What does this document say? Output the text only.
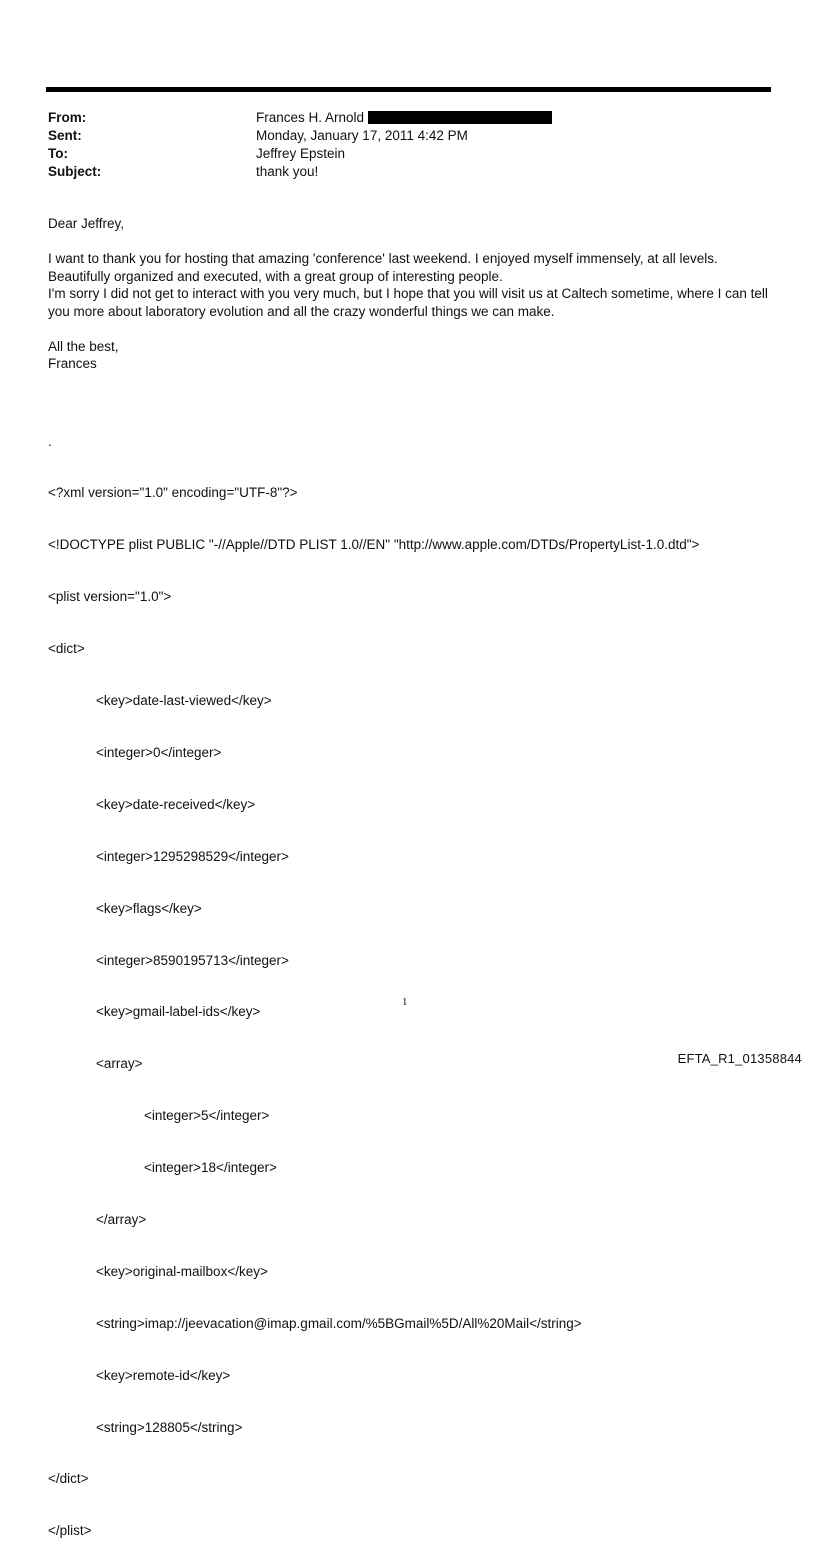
From:	Frances H. Arnold
Sent:	Monday, January 17, 2011 4:42 PM
To:	Jeffrey Epstein
Subject:	thank you!

Dear Jeffrey,

I want to thank you for hosting that amazing 'conference' last weekend. I enjoyed myself immensely, at all levels. Beautifully organized and executed, with a great group of interesting people.

I'm sorry I did not get to interact with you very much, but I hope that you will visit us at Caltech sometime, where I can tell you more about laboratory evolution and all the crazy wonderful things we can make.

All the best,

Frances

.

<?xml version="1.0" encoding="UTF-8"?>

<!DOCTYPE plist PUBLIC "-//Apple//DTD PLIST 1.0//EN" "http://www.apple.com/DTDs/PropertyList-1.0.dtd">

<plist version="1.0">

<dict>

<key>date-last-viewed</key>

<integer>0</integer>

<key>date-received</key>

<integer>1295298529</integer>

<key>flags</key>

<integer>8590195713</integer>

<key>gmail-label-ids</key>

<array>

<integer>5</integer>

<integer>18</integer>

</array>

<key>original-mailbox</key>

<string>imap://jeevacation@imap.gmail.com/%5BGmail%5D/All%20Mail</string>

<key>remote-id</key>

<string>128805</string>

</dict>

</plist>

1
EFTA_R1_01358844
